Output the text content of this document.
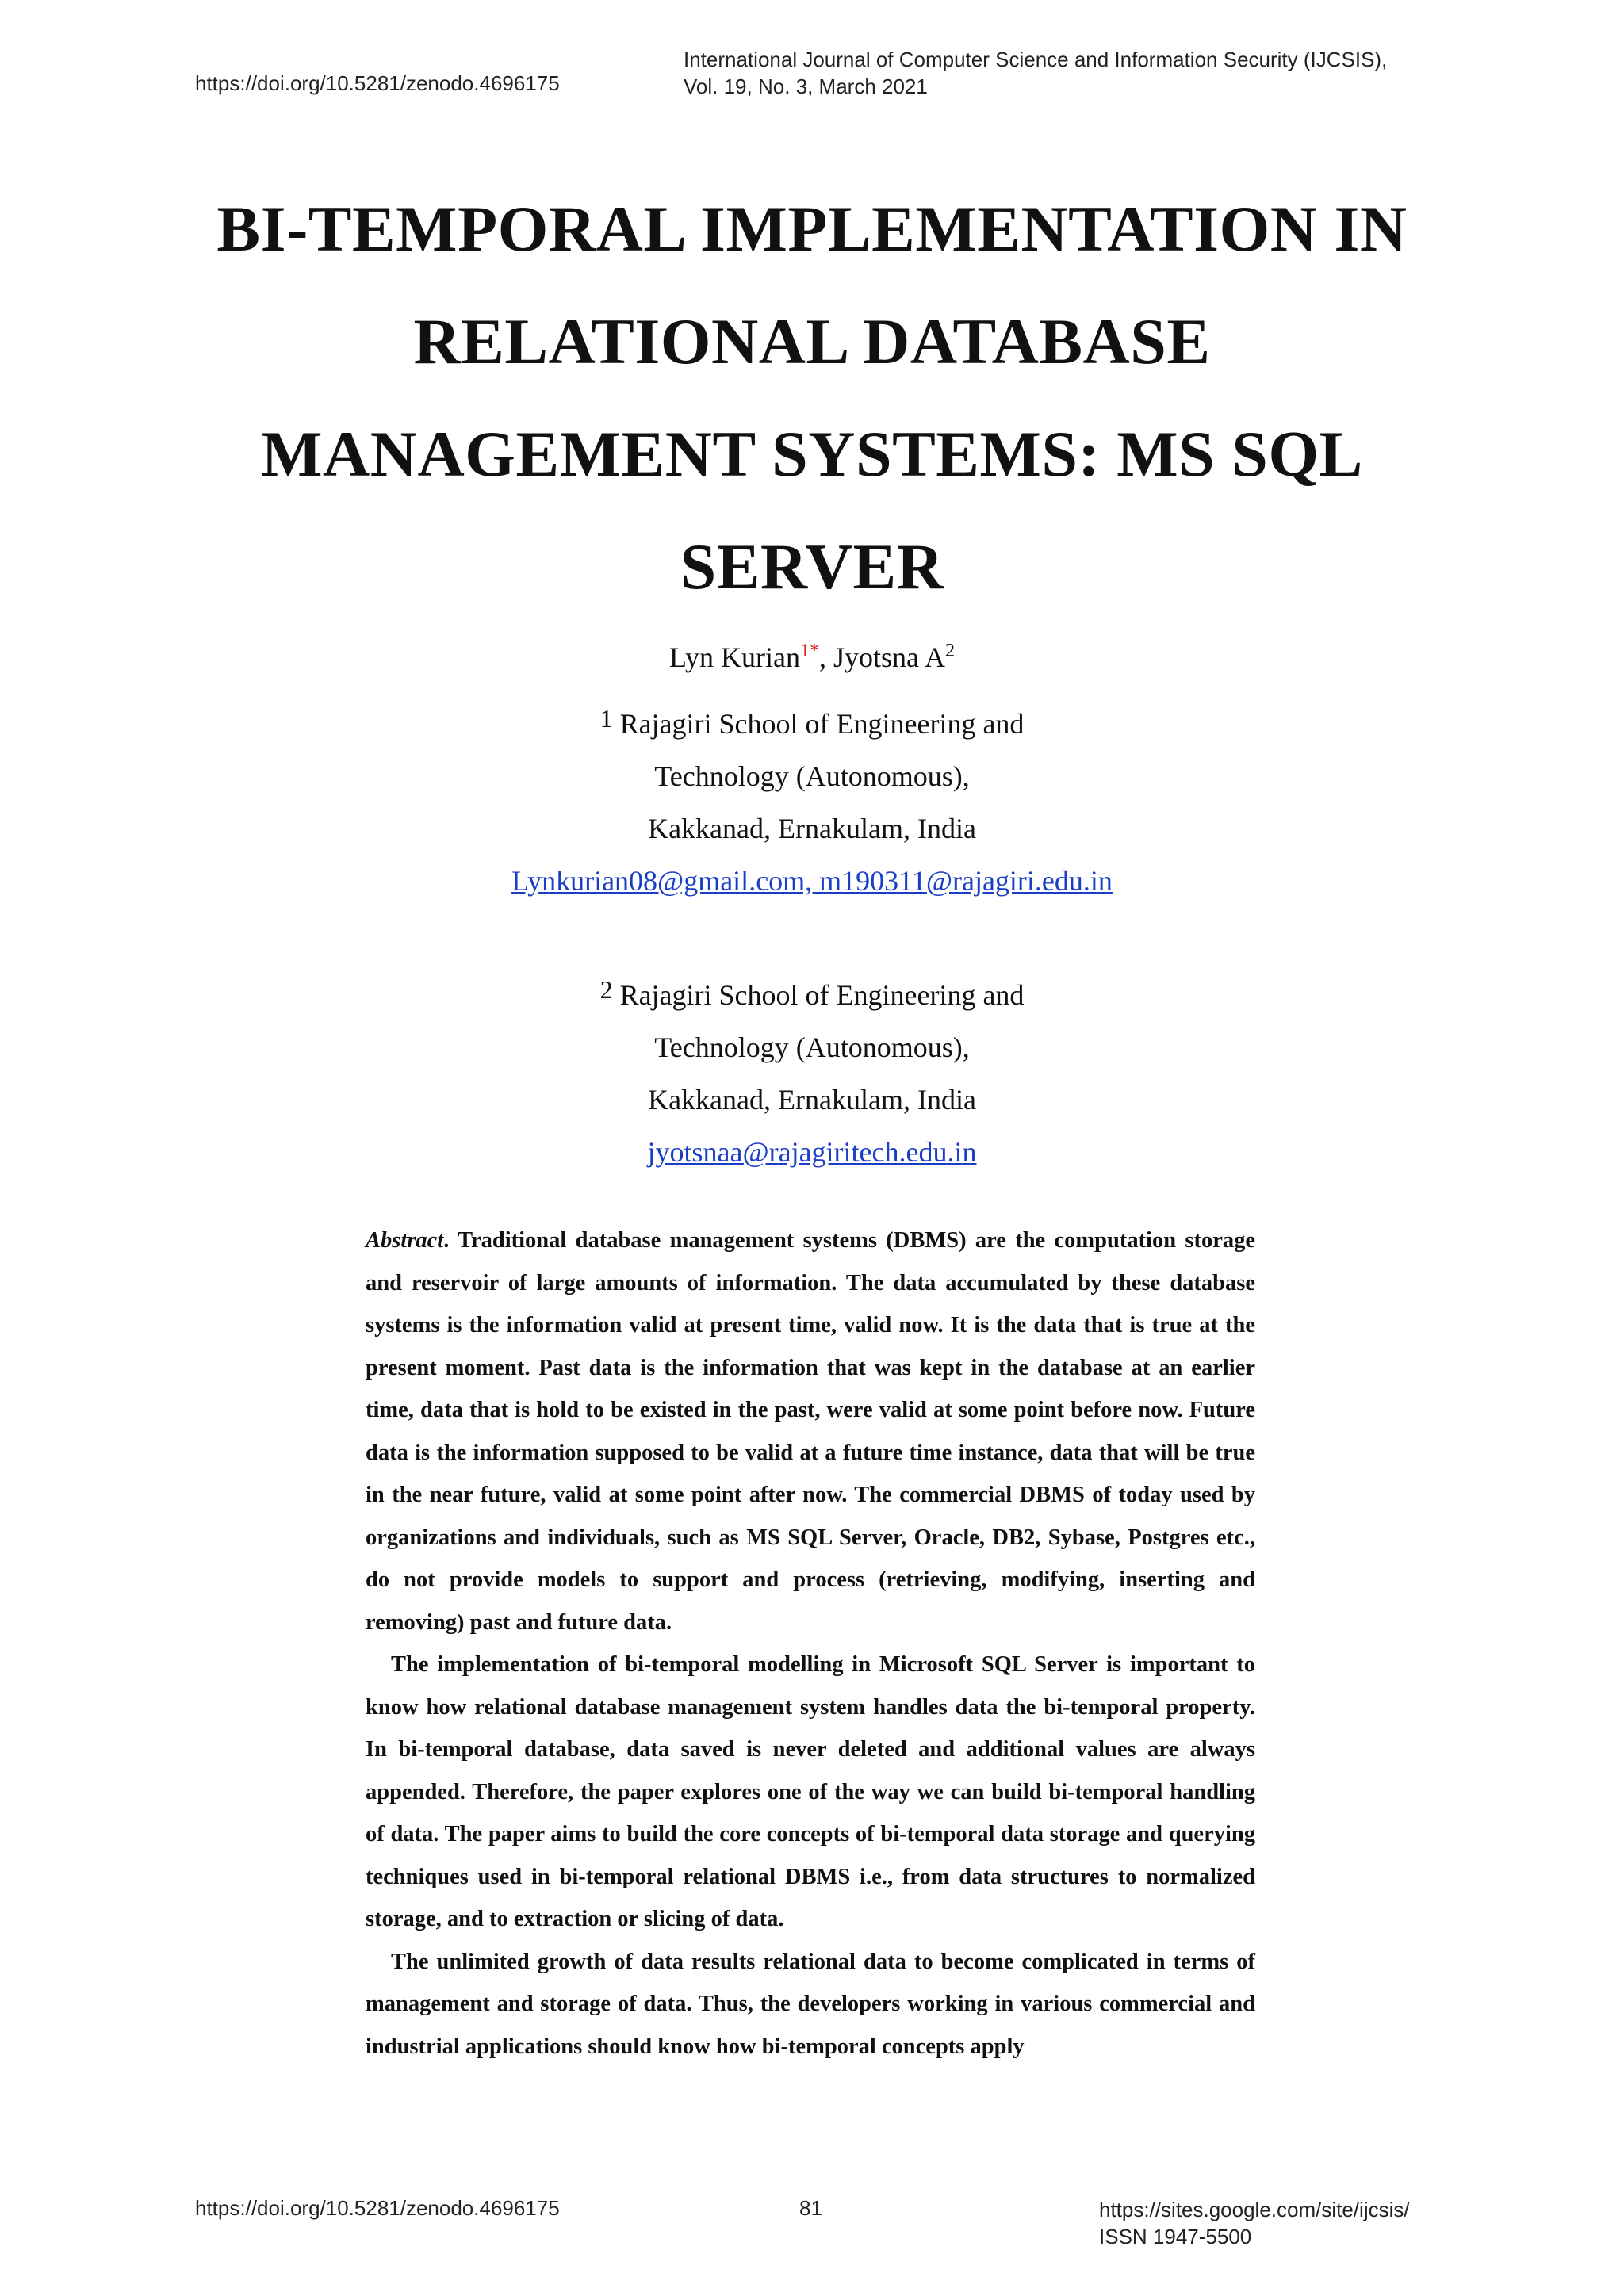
https://doi.org/10.5281/zenodo.4696175
International Journal of Computer Science and Information Security (IJCSIS),
Vol. 19, No. 3, March 2021
BI-TEMPORAL IMPLEMENTATION IN
RELATIONAL DATABASE
MANAGEMENT SYSTEMS: MS SQL
SERVER
Lyn Kurian$^{1*}$, Jyotsna $A^2$
$^1$ Rajagiri School of Engineering and
Technology (Autonomous),
Kakkanad, Ernakulam, India
Lynkurian08@gmail.com, m190311@rajagiri.edu.in
$^2$ Rajagiri School of Engineering and
Technology (Autonomous),
Kakkanad, Ernakulam, India
jyotsnaa@rajagiritech.edu.in

Abstract. Traditional database management systems (DBMS) are the computation storage and reservoir of large amounts of information. The data accumulated by these database systems is the information valid at present time, valid now. It is the data that is true at the present moment. Past data is the information that was kept in the database at an earlier time, data that is hold to be existed in the past, were valid at some point before now. Future data is the information supposed to be valid at a future time instance, data that will be true in the near future, valid at some point after now. The commercial DBMS of today used by organizations and individuals, such as MS SQL Server, Oracle, DB2, Sybase, Postgres etc., do not provide models to support and process (retrieving, modifying, inserting and removing) past and future data.

The implementation of bi-temporal modelling in Microsoft SQL Server is important to know how relational database management system handles data the bi-temporal property. In bi-temporal database, data saved is never deleted and additional values are always appended. Therefore, the paper explores one of the way we can build bi-temporal handling of data. The paper aims to build the core concepts of bi-temporal data storage and querying techniques used in bi-temporal relational DBMS i.e., from data structures to normalized storage, and to extraction or slicing of data.

The unlimited growth of data results relational data to become complicated in terms of management and storage of data. Thus, the developers working in various commercial and industrial applications should know how bi-temporal concepts apply

https://doi.org/10.5281/zenodo.4696175	81	https://sites.google.com/site/ijcsis/
ISSN 1947-5500
